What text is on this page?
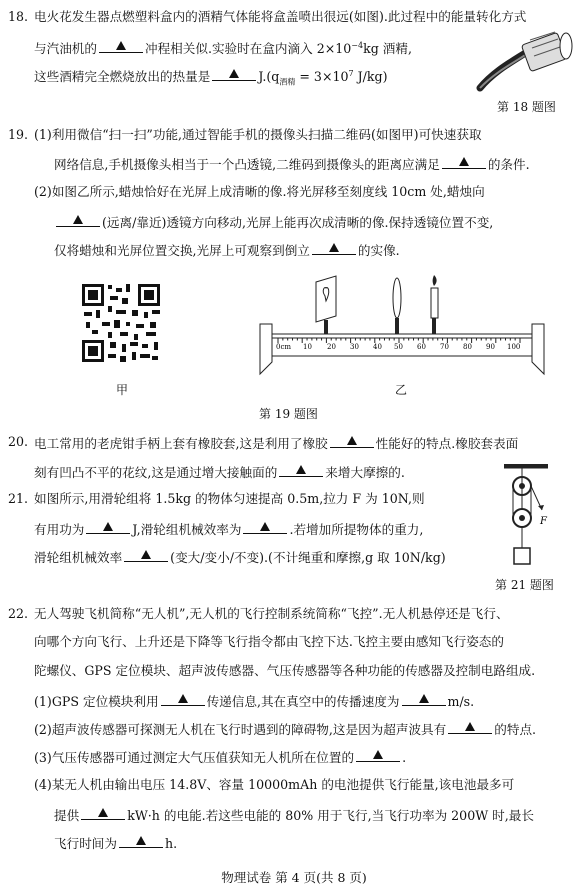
18. 电火花发生器点燃塑料盒内的酒精气体能将盒盖喷出很远(如图).此过程中的能量转化方式
与汽油机的	冲程相关似.实验时在盒内滴入 $2\times 10^{-4}kg$ 酒精,
这些酒精完全燃烧放出的热量是	$J.(q_{酒精} = 3\times 10^7$ J/kg)
第 18 题图
19. (1)利用微信“扫一扫”功能,通过智能手机的摄像头扫描二维码(如图甲)可快速获取
网络信息,手机摄像头相当于一个凸透镜,二维码到摄像头的距离应满足	的条件.
(2)如图乙所示,蜡烛恰好在光屏上成清晰的像.将光屏移至刻度线 10cm 处,蜡烛向
(远离/靠近)透镜方向移动,光屏上能再次成清晰的像.保持透镜位置不变,
仅将蜡烛和光屏位置交换,光屏上可观察到倒立	的实像.
甲
0cm 10 20 30 40 50 60 70 80 90 100
乙
第 19 题图
20. 电工常用的老虎钳手柄上套有橡胶套,这是利用了橡胶	性能好的特点.橡胶套表面
刻有凹凸不平的花纹,这是通过增大接触面的	来增大摩擦的.
21. 如图所示,用滑轮组将 1.5kg 的物体匀速提高 0.5m,拉力 F 为 10N,则
有用功为	J,滑轮组机械效率为	.若增加所提物体的重力,
滑轮组机械效率	(变大/变小/不变).(不计绳重和摩擦,g 取 10N/kg)
F
第 21 题图
22. 无人驾驶飞机简称“无人机”,无人机的飞行控制系统简称“飞控”.无人机悬停还是飞行、
向哪个方向飞行、上升还是下降等飞行指令都由飞控下达.飞控主要由感知飞行姿态的
陀螺仪、GPS 定位模块、超声波传感器、气压传感器等各种功能的传感器及控制电路组成.
(1)GPS 定位模块利用	传递信息,其在真空中的传播速度为	m/s.
(2)超声波传感器可探测无人机在飞行时遇到的障碍物,这是因为超声波具有	的特点.
(3)气压传感器可通过测定大气压值获知无人机所在位置的	.
(4)某无人机由输出电压 14.8V、容量 10000mAh 的电池提供飞行能量,该电池最多可
提供	kW·h 的电能.若这些电能的 80% 用于飞行,当飞行功率为 200W 时,最长
飞行时间为	h.
物理试卷 第 4 页(共 8 页)
